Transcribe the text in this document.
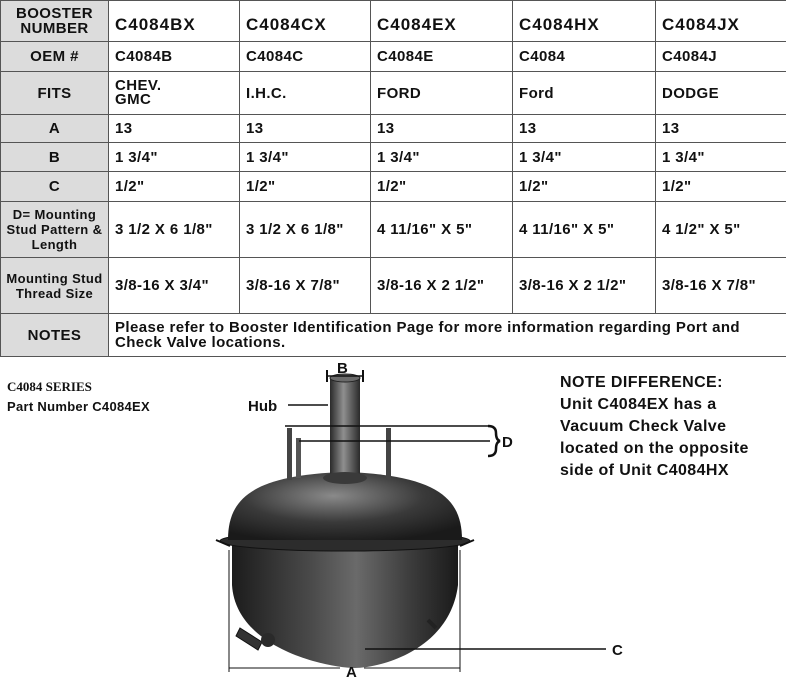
BOOSTER NUMBER	C4084BX	C4084CX	C4084EX	C4084HX	C4084JX
OEM #	C4084B	C4084C	C4084E	C4084	C4084J
FITS	CHEV. GMC	I.H.C.	FORD	Ford	DODGE
A	13	13	13	13	13
B	1 3/4"	1 3/4"	1 3/4"	1 3/4"	1 3/4"
C	1/2"	1/2"	1/2"	1/2"	1/2"
D= Mounting Stud Pattern & Length	3 1/2 X 6 1/8"	3 1/2 X 6 1/8"	4 11/16" X 5"	4 11/16" X 5"	4 1/2" X 5"
Mounting Stud Thread Size	3/8-16 X 3/4"	3/8-16 X 7/8"	3/8-16 X 2 1/2"	3/8-16 X 2 1/2"	3/8-16 X 7/8"
NOTES	Please refer to Booster Identification Page for more information regarding Port and Check Valve locations.				
C4084 SERIES
Part Number C4084EX
NOTE DIFFERENCE:
Unit C4084EX has a Vacuum Check Valve located on the opposite side of Unit C4084HX
B
D
Hub
A
C
